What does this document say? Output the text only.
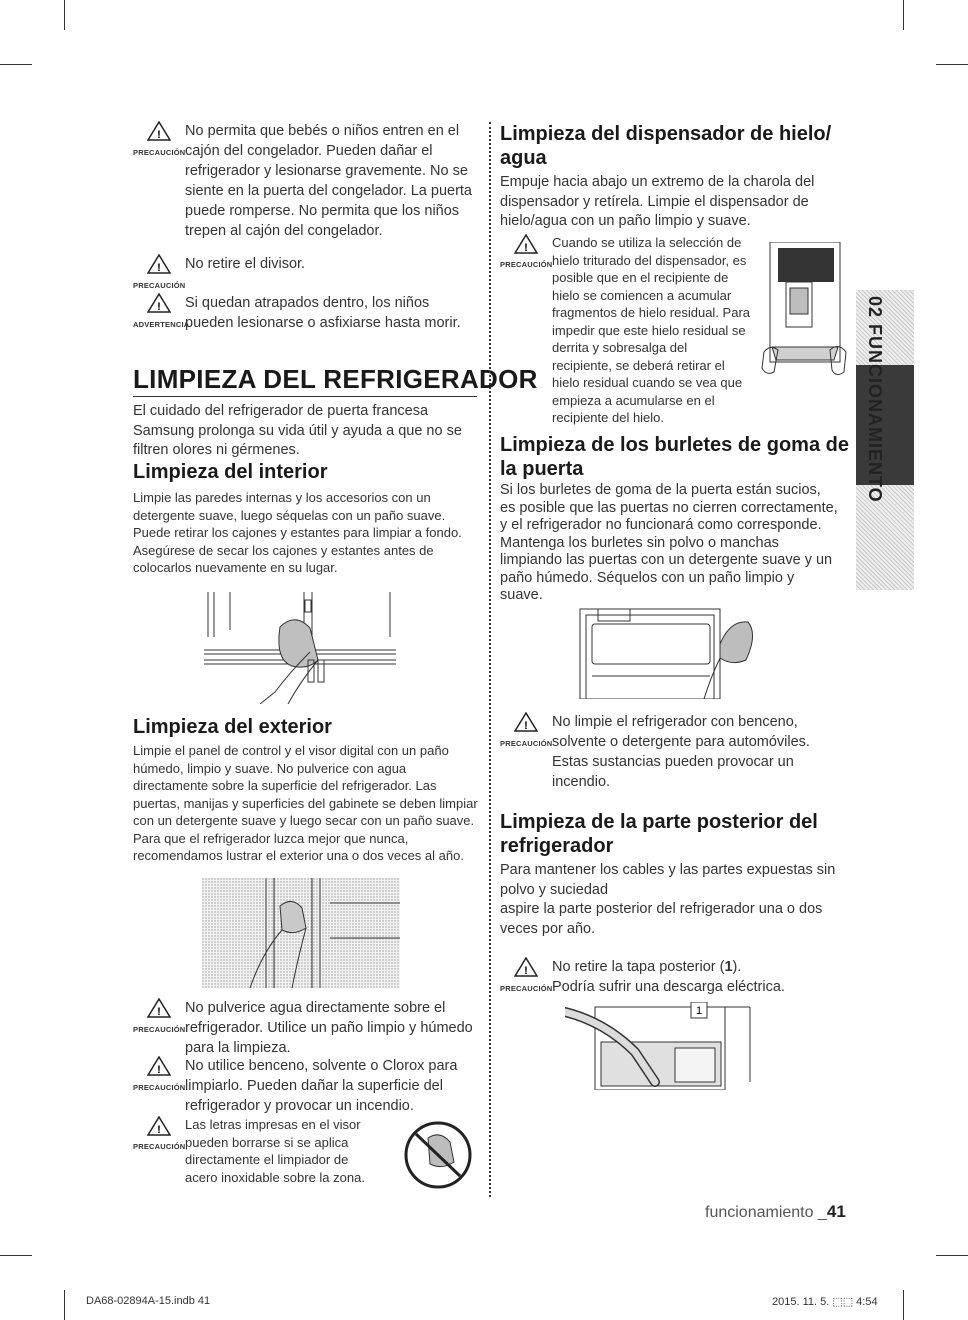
!
PRECAUCIÓN
No permita que bebés o niños entren en el cajón del congelador. Pueden dañar el refrigerador y lesionarse gravemente. No se siente en la puerta del congelador. La puerta puede romperse. No permita que los niños trepen al cajón del congelador.
!
PRECAUCIÓN
No retire el divisor.
!
ADVERTENCIA
Si quedan atrapados dentro, los niños pueden lesionarse o asfixiarse hasta morir.
LIMPIEZA DEL REFRIGERADOR

El cuidado del refrigerador de puerta francesa Samsung prolonga su vida útil y ayuda a que no se filtren olores ni gérmenes.

Limpieza del interior

Limpie las paredes internas y los accesorios con un detergente suave, luego séquelas con un paño suave. Puede retirar los cajones y estantes para limpiar a fondo. Asegúrese de secar los cajones y estantes antes de colocarlos nuevamente en su lugar.

Limpieza del exterior

Limpie el panel de control y el visor digital con un paño húmedo, limpio y suave. No pulverice con agua directamente sobre la superficie del refrigerador. Las puertas, manijas y superficies del gabinete se deben limpiar con un detergente suave y luego secar con un paño suave. Para que el refrigerador luzca mejor que nunca, recomendamos lustrar el exterior una o dos veces al año.

!
PRECAUCIÓN
No pulverice agua directamente sobre el refrigerador. Utilice un paño limpio y húmedo para la limpieza.
!
PRECAUCIÓN
No utilice benceno, solvente o Clorox para limpiarlo. Pueden dañar la superficie del refrigerador y provocar un incendio.
!
PRECAUCIÓN
Las letras impresas en el visor pueden borrarse si se aplica directamente el limpiador de acero inoxidable sobre la zona.
Limpieza del dispensador de hielo/ agua

Empuje hacia abajo un extremo de la charola del dispensador y retírela. Limpie el dispensador de hielo/agua con un paño limpio y suave.

!
PRECAUCIÓN
Cuando se utiliza la selección de hielo triturado del dispensador, es posible que en el recipiente de hielo se comiencen a acumular fragmentos de hielo residual. Para impedir que este hielo residual se derrita y sobresalga del recipiente, se deberá retirar el hielo residual cuando se vea que empieza a acumularse en el recipiente del hielo.
Limpieza de los burletes de goma de la puerta

Si los burletes de goma de la puerta están sucios, es posible que las puertas no cierren correctamente, y el refrigerador no funcionará como corresponde. Mantenga los burletes sin polvo o manchas limpiando las puertas con un detergente suave y un paño húmedo. Séquelos con un paño limpio y suave.

!
PRECAUCIÓN
No limpie el refrigerador con benceno, solvente o detergente para automóviles. Estas sustancias pueden provocar un incendio.
Limpieza de la parte posterior del refrigerador

Para mantener los cables y las partes expuestas sin polvo y suciedad

aspire la parte posterior del refrigerador una o dos veces por año.

!
PRECAUCIÓN
No retire la tapa posterior (1).
Podría sufrir una descarga eléctrica.
1
02 FUNCIONAMIENTO
funcionamiento _41
DA68-02894A-15.indb 41	2015. 11. 5. ⬚⬚ 4:54
